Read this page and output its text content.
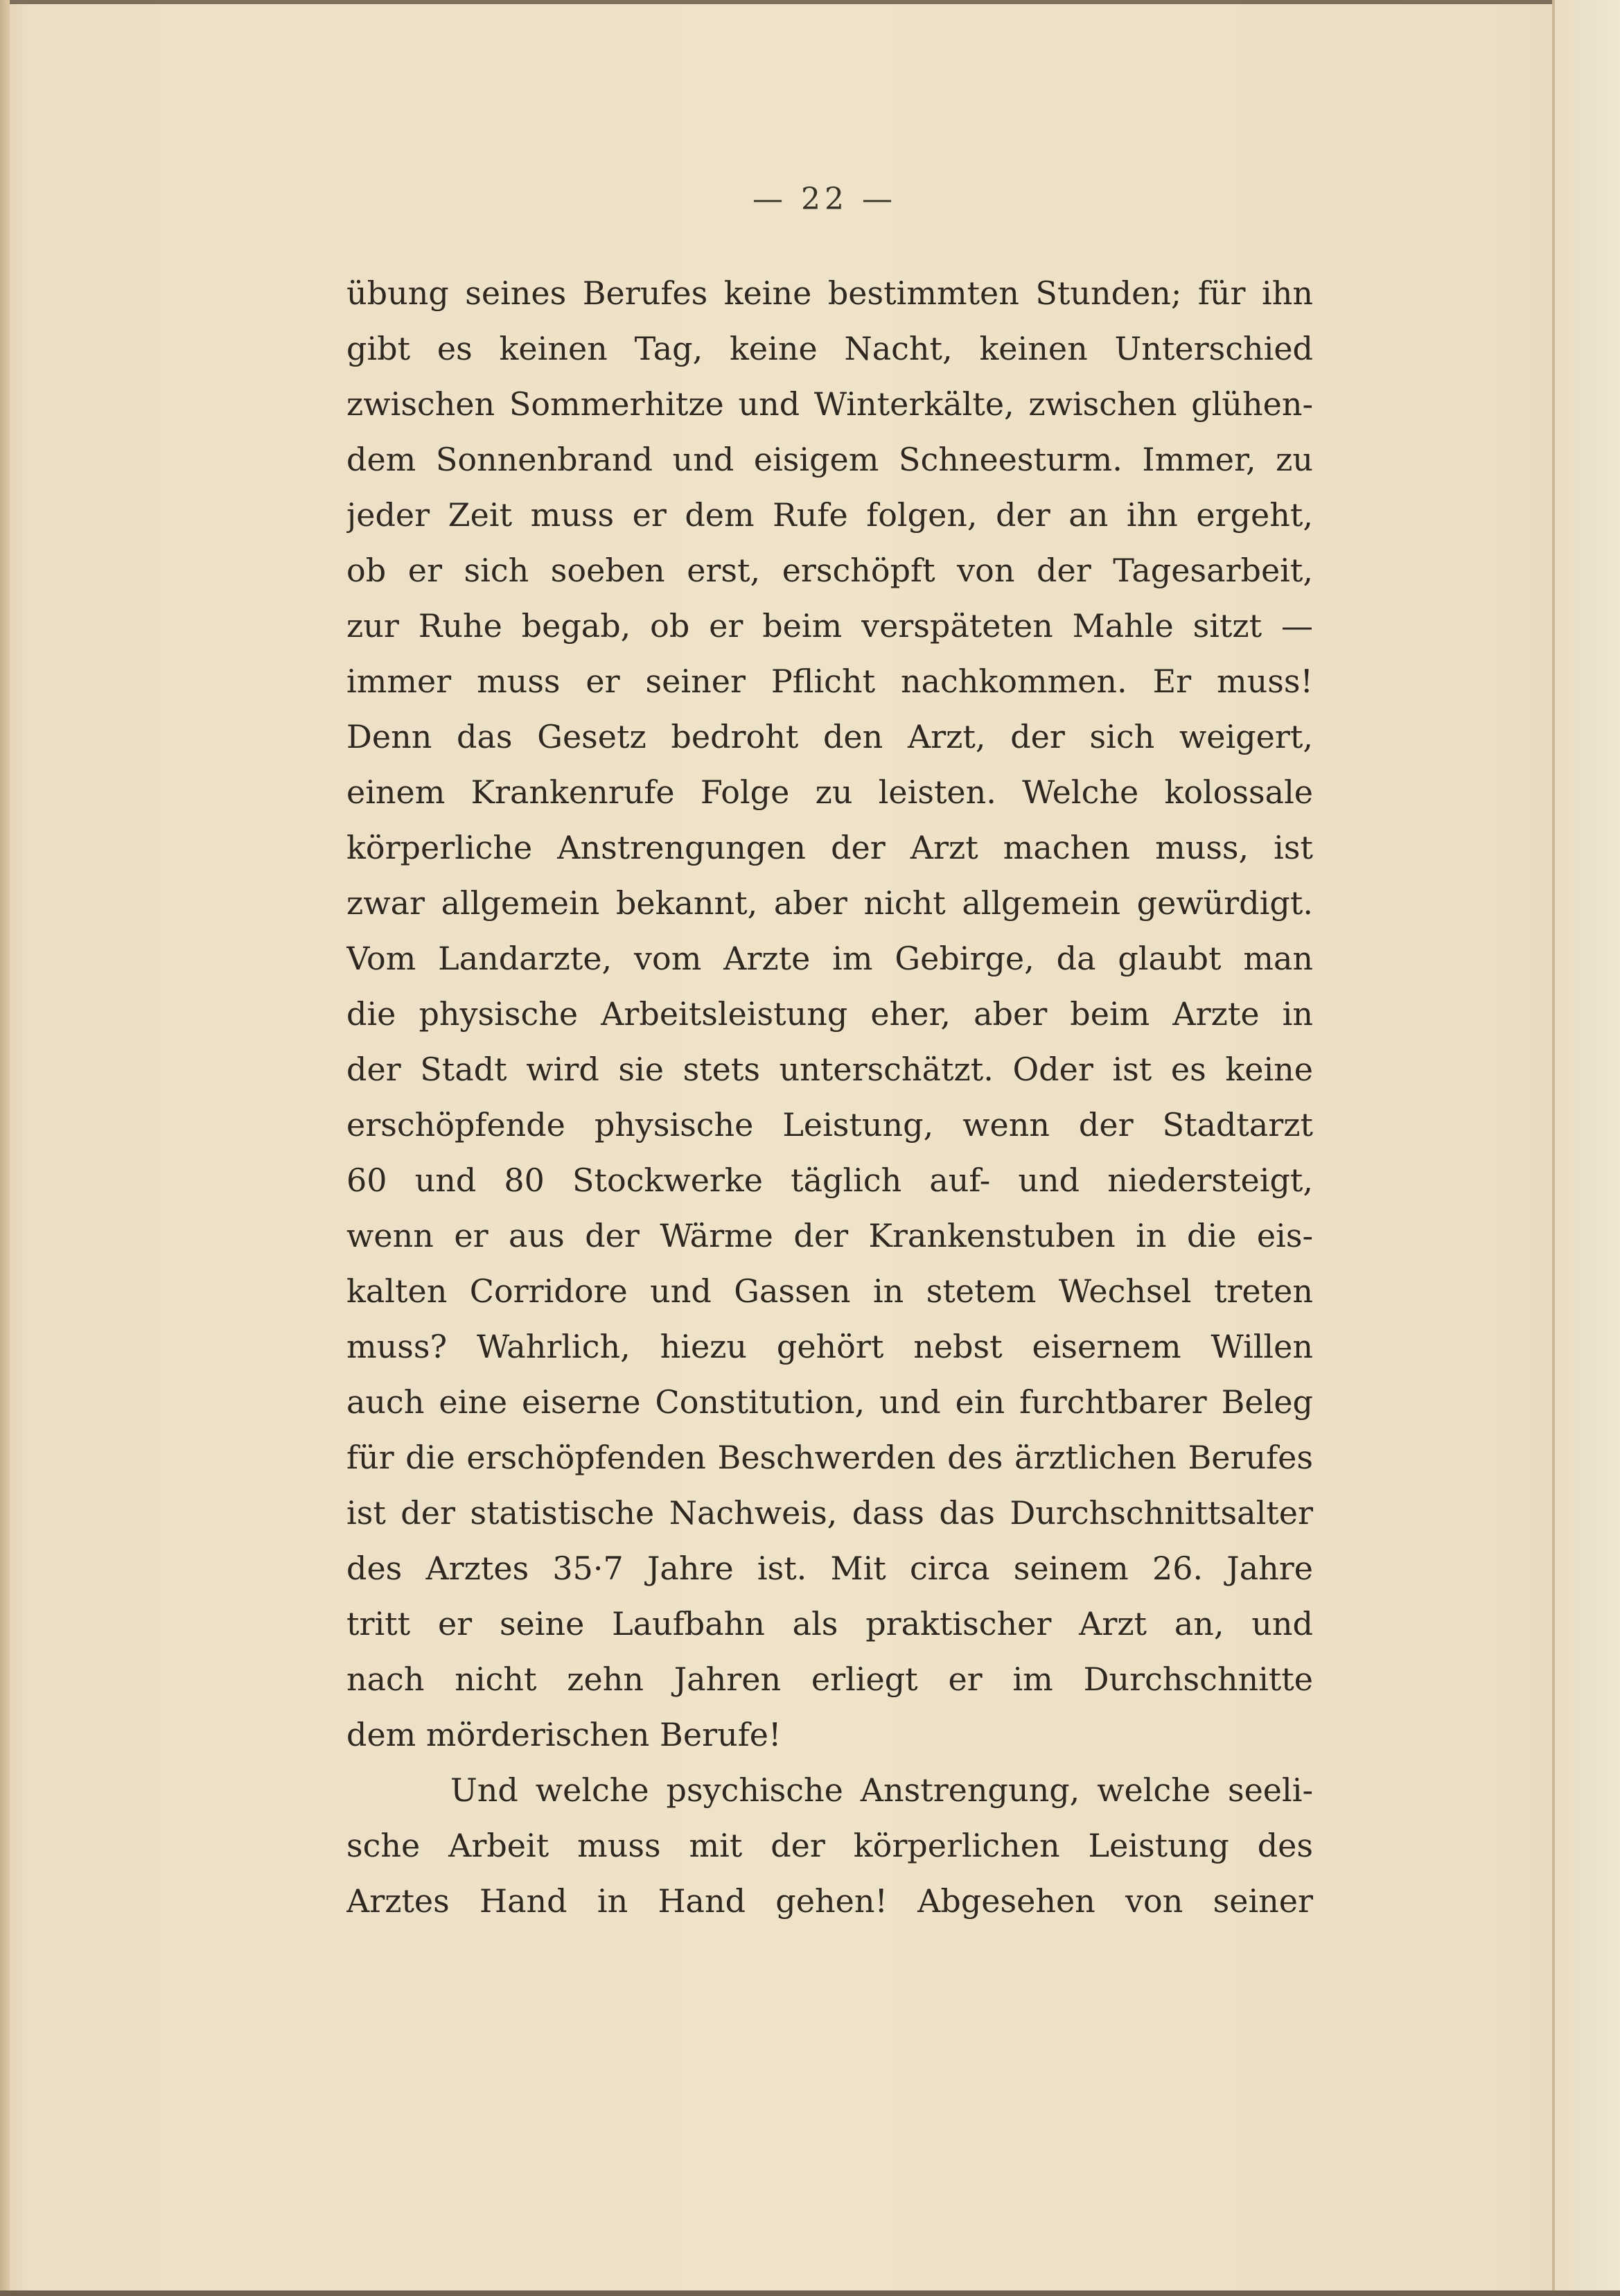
— 22 —
übung seines Berufes keine bestimmten Stunden; für ihn
gibt es keinen Tag, keine Nacht, keinen Unterschied
zwischen Sommerhitze und Winterkälte, zwischen glühen-
dem Sonnenbrand und eisigem Schneesturm. Immer, zu
jeder Zeit muss er dem Rufe folgen, der an ihn ergeht,
ob er sich soeben erst, erschöpft von der Tagesarbeit,
zur Ruhe begab, ob er beim verspäteten Mahle sitzt —
immer muss er seiner Pflicht nachkommen. Er muss!
Denn das Gesetz bedroht den Arzt, der sich weigert,
einem Krankenrufe Folge zu leisten. Welche kolossale
körperliche Anstrengungen der Arzt machen muss, ist
zwar allgemein bekannt, aber nicht allgemein gewürdigt.
Vom Landarzte, vom Arzte im Gebirge, da glaubt man
die physische Arbeitsleistung eher, aber beim Arzte in
der Stadt wird sie stets unterschätzt. Oder ist es keine
erschöpfende physische Leistung, wenn der Stadtarzt
60 und 80 Stockwerke täglich auf- und niedersteigt,
wenn er aus der Wärme der Krankenstuben in die eis-
kalten Corridore und Gassen in stetem Wechsel treten
muss? Wahrlich, hiezu gehört nebst eisernem Willen
auch eine eiserne Constitution, und ein furchtbarer Beleg
für die erschöpfenden Beschwerden des ärztlichen Berufes
ist der statistische Nachweis, dass das Durchschnittsalter
des Arztes 35·7 Jahre ist. Mit circa seinem 26. Jahre
tritt er seine Laufbahn als praktischer Arzt an, und
nach nicht zehn Jahren erliegt er im Durchschnitte
dem mörderischen Berufe!
Und welche psychische Anstrengung, welche seeli-
sche Arbeit muss mit der körperlichen Leistung des
Arztes Hand in Hand gehen! Abgesehen von seiner
